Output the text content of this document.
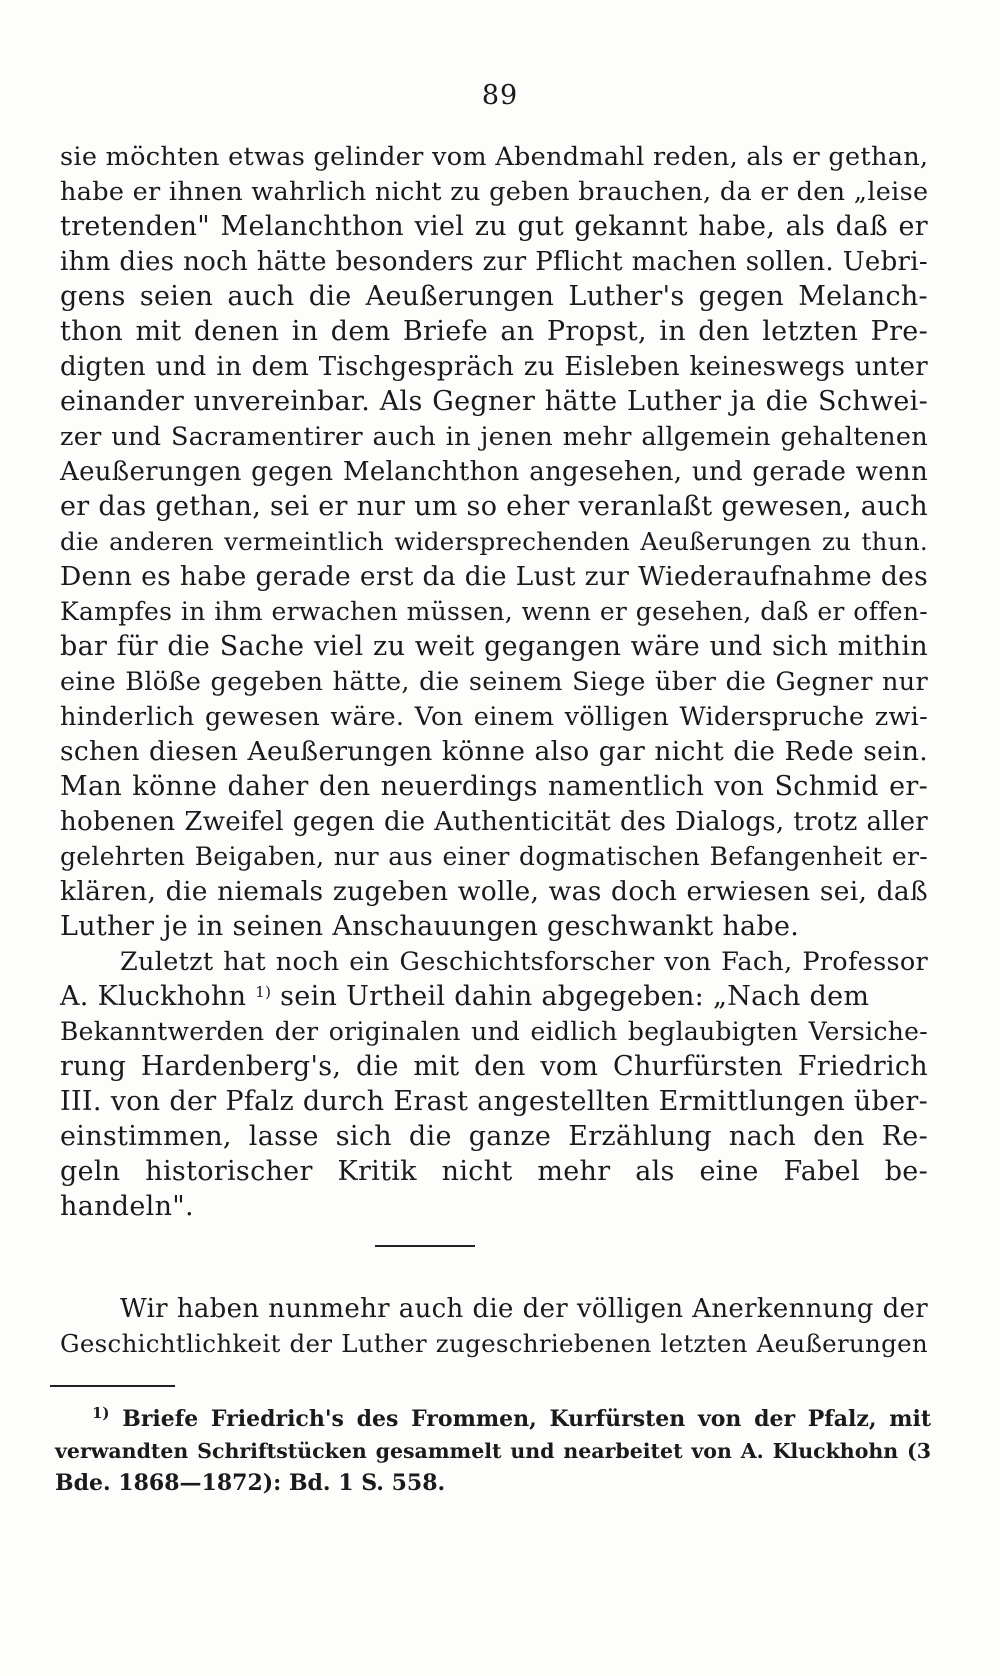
89
sie möchten etwas gelinder vom Abendmahl reden, als er gethan,
habe er ihnen wahrlich nicht zu geben brauchen, da er den „leise
tretenden" Melanchthon viel zu gut gekannt habe, als daß er
ihm dies noch hätte besonders zur Pflicht machen sollen. Uebri-
gens seien auch die Aeußerungen Luther's gegen Melanch-
thon mit denen in dem Briefe an Propst, in den letzten Pre-
digten und in dem Tischgespräch zu Eisleben keineswegs unter
einander unvereinbar. Als Gegner hätte Luther ja die Schwei-
zer und Sacramentirer auch in jenen mehr allgemein gehaltenen
Aeußerungen gegen Melanchthon angesehen, und gerade wenn
er das gethan, sei er nur um so eher veranlaßt gewesen, auch
die anderen vermeintlich widersprechenden Aeußerungen zu thun.
Denn es habe gerade erst da die Lust zur Wiederaufnahme des
Kampfes in ihm erwachen müssen, wenn er gesehen, daß er offen-
bar für die Sache viel zu weit gegangen wäre und sich mithin
eine Blöße gegeben hätte, die seinem Siege über die Gegner nur
hinderlich gewesen wäre. Von einem völligen Widerspruche zwi-
schen diesen Aeußerungen könne also gar nicht die Rede sein.
Man könne daher den neuerdings namentlich von Schmid er-
hobenen Zweifel gegen die Authenticität des Dialogs, trotz aller
gelehrten Beigaben, nur aus einer dogmatischen Befangenheit er-
klären, die niemals zugeben wolle, was doch erwiesen sei, daß
Luther je in seinen Anschauungen geschwankt habe.
Zuletzt hat noch ein Geschichtsforscher von Fach, Professor
A. Kluckhohn $^{1)}$ sein Urtheil dahin abgegeben: „Nach dem
Bekanntwerden der originalen und eidlich beglaubigten Versiche-
rung Hardenberg's, die mit den vom Churfürsten Friedrich
III. von der Pfalz durch Erast angestellten Ermittlungen über-
einstimmen, lasse sich die ganze Erzählung nach den Re-
geln historischer Kritik nicht mehr als eine Fabel be-
handeln".
Wir haben nunmehr auch die der völligen Anerkennung der
Geschichtlichkeit der Luther zugeschriebenen letzten Aeußerungen
$^{1)}$ Briefe Friedrich's des Frommen, Kurfürsten von der Pfalz, mit
verwandten Schriftstücken gesammelt und nearbeitet von A. Kluckhohn (3
Bde. 1868—1872): Bd. 1 S. 558.
